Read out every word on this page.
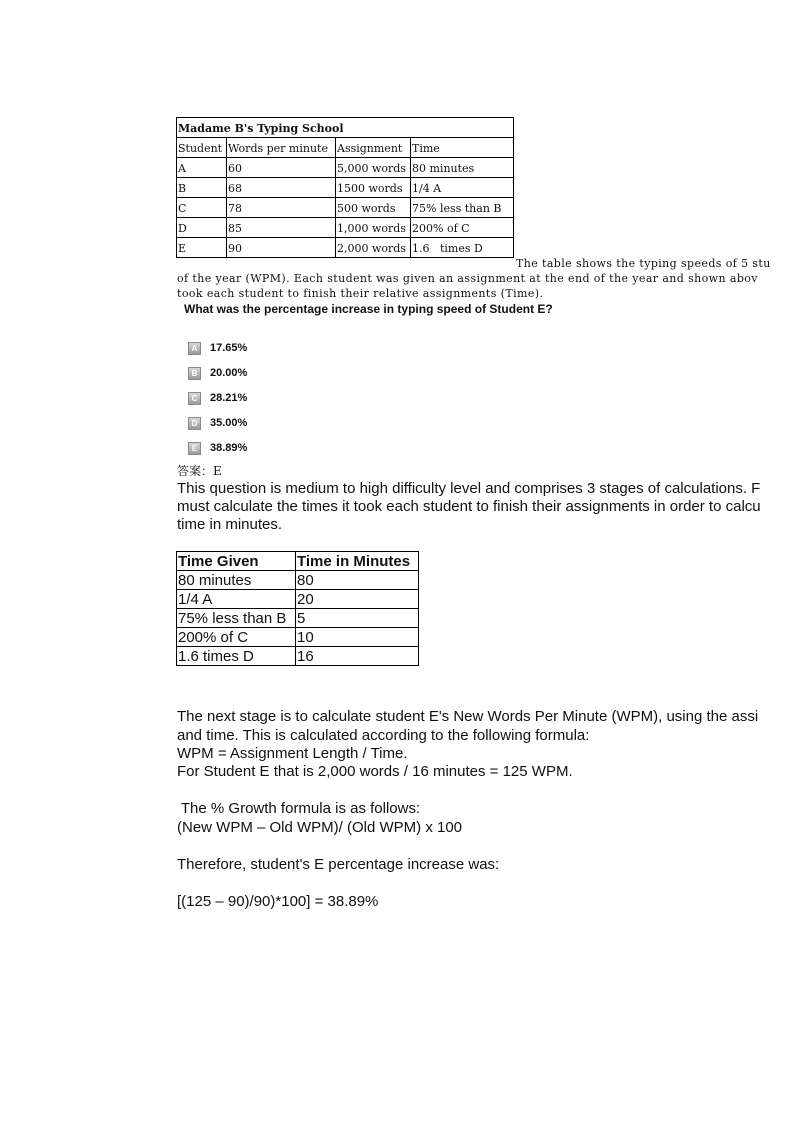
Madame B's Typing School			
Student	Words per minute	Assignment	Time
A	60	5,000 words	80 minutes
B	68	1500 words	1/4 A
C	78	500 words	75% less than B
D	85	1,000 words	200% of C
E	90	2,000 words	1.6   times D
The table shows the typing speeds of 5 stu
of the year (WPM). Each student was given an assignment at the end of the year and shown abov
took each student to finish their relative assignments (Time).
What was the percentage increase in typing speed of Student E?
A	17.65%
B	20.00%
C	28.21%
D	35.00%
E	38.89%
答案：E
This question is medium to high difficulty level and comprises 3 stages of calculations. F
must calculate the times it took each student to finish their assignments in order to calcu
time in minutes.
Time Given	Time in Minutes
80 minutes	80
1/4 A	20
75% less than B	5
200% of C	10
1.6 times D	16
The next stage is to calculate student E's New Words Per Minute (WPM), using the assi
and time. This is calculated according to the following formula:
WPM = Assignment Length / Time.
For Student E that is 2,000 words / 16 minutes = 125 WPM.
The % Growth formula is as follows:
(New WPM – Old WPM)/ (Old WPM) x 100
Therefore, student's E percentage increase was:
[(125 – 90)/90)*100] = 38.89%
